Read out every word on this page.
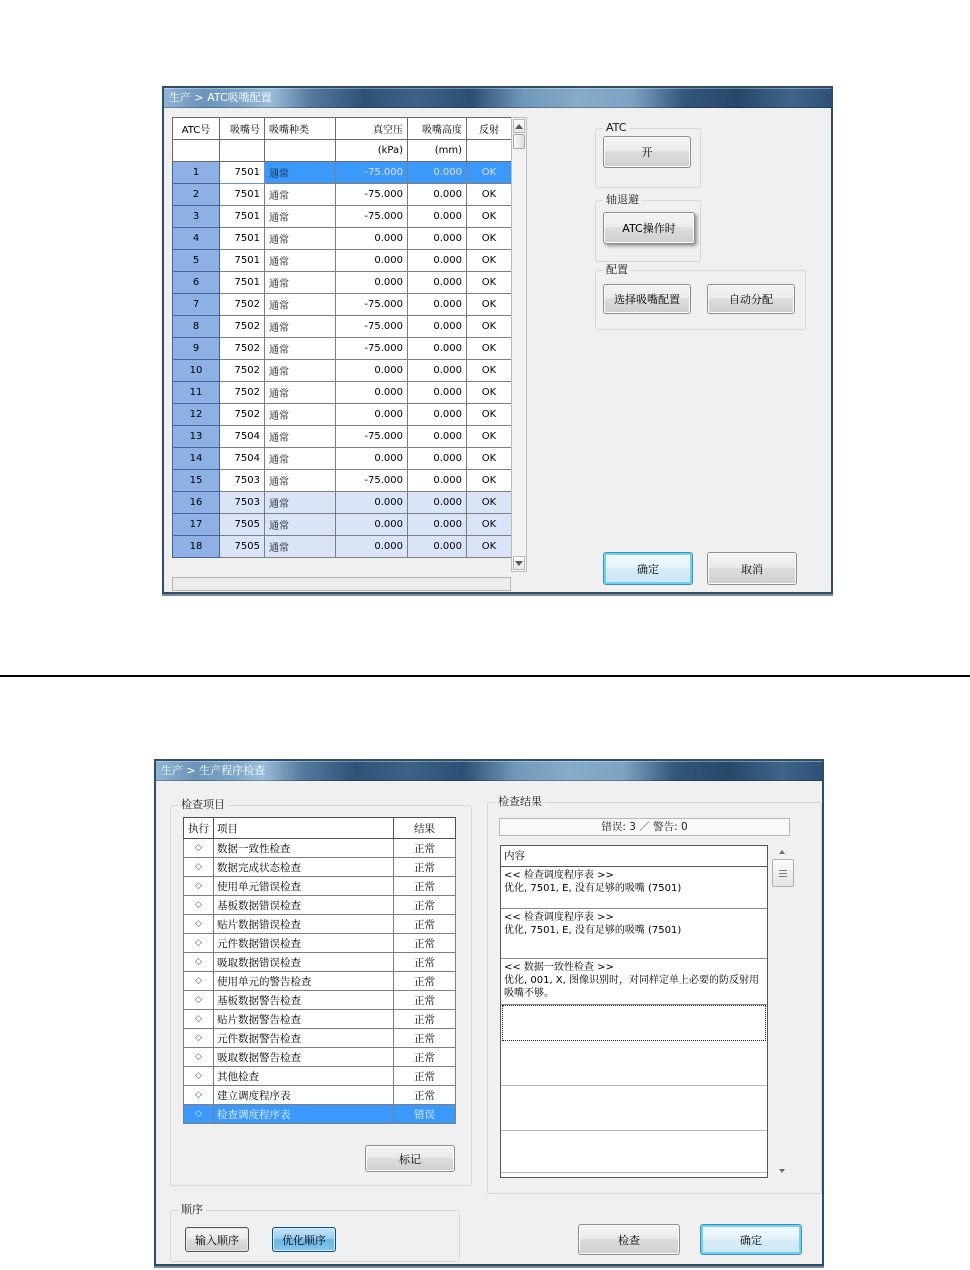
生产 > ATC吸嘴配置
ATC号	吸嘴号	吸嘴种类	真空压	吸嘴高度	反射
			(kPa)	(mm)	
1	7501	通常	-75.000	0.000	OK
2	7501	通常	-75.000	0.000	OK
3	7501	通常	-75.000	0.000	OK
4	7501	通常	0.000	0.000	OK
5	7501	通常	0.000	0.000	OK
6	7501	通常	0.000	0.000	OK
7	7502	通常	-75.000	0.000	OK
8	7502	通常	-75.000	0.000	OK
9	7502	通常	-75.000	0.000	OK
10	7502	通常	0.000	0.000	OK
11	7502	通常	0.000	0.000	OK
12	7502	通常	0.000	0.000	OK
13	7504	通常	-75.000	0.000	OK
14	7504	通常	0.000	0.000	OK
15	7503	通常	-75.000	0.000	OK
16	7503	通常	0.000	0.000	OK
17	7505	通常	0.000	0.000	OK
18	7505	通常	0.000	0.000	OK
ATC
开
轴退避
ATC操作时
配置
选择吸嘴配置	自动分配
确定	取消
生产 > 生产程序检查
检查项目
执行	项目	结果
◇	数据一致性检查	正常
◇	数据完成状态检查	正常
◇	使用单元错误检查	正常
◇	基板数据错误检查	正常
◇	贴片数据错误检查	正常
◇	元件数据错误检查	正常
◇	吸取数据错误检查	正常
◇	使用单元的警告检查	正常
◇	基板数据警告检查	正常
◇	贴片数据警告检查	正常
◇	元件数据警告检查	正常
◇	吸取数据警告检查	正常
◇	其他检查	正常
◇	建立调度程序表	正常
◇	检查调度程序表	错误
标记
检查结果
错误: 3 ／ 警告: 0
内容
<< 检查调度程序表 >>
优化, 7501, E, 没有足够的吸嘴 (7501)
<< 检查调度程序表 >>
优化, 7501, E, 没有足够的吸嘴 (7501)
<< 数据一致性检查 >>
优化, 001, X, 图像识别时，对同样定单上必要的防反射用吸嘴不够。
顺序
输入顺序	优化顺序	检查	确定
